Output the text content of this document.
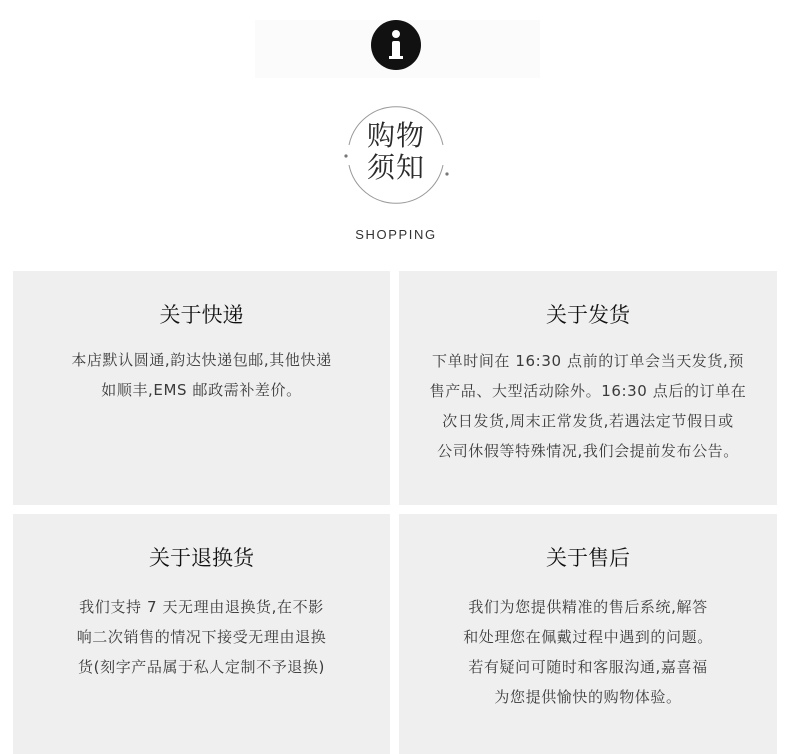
购物
须知
SHOPPING
关于快递

本店默认圆通,韵达快递包邮,其他快递

如顺丰,EMS 邮政需补差价。

关于发货

下单时间在 16:30 点前的订单会当天发货,预

售产品、大型活动除外。16:30 点后的订单在

次日发货,周末正常发货,若遇法定节假日或

公司休假等特殊情况,我们会提前发布公告。

关于退换货

我们支持 7 天无理由退换货,在不影

响二次销售的情况下接受无理由退换

货(刻字产品属于私人定制不予退换)

关于售后

我们为您提供精准的售后系统,解答

和处理您在佩戴过程中遇到的问题。

若有疑问可随时和客服沟通,嘉喜福

为您提供愉快的购物体验。
